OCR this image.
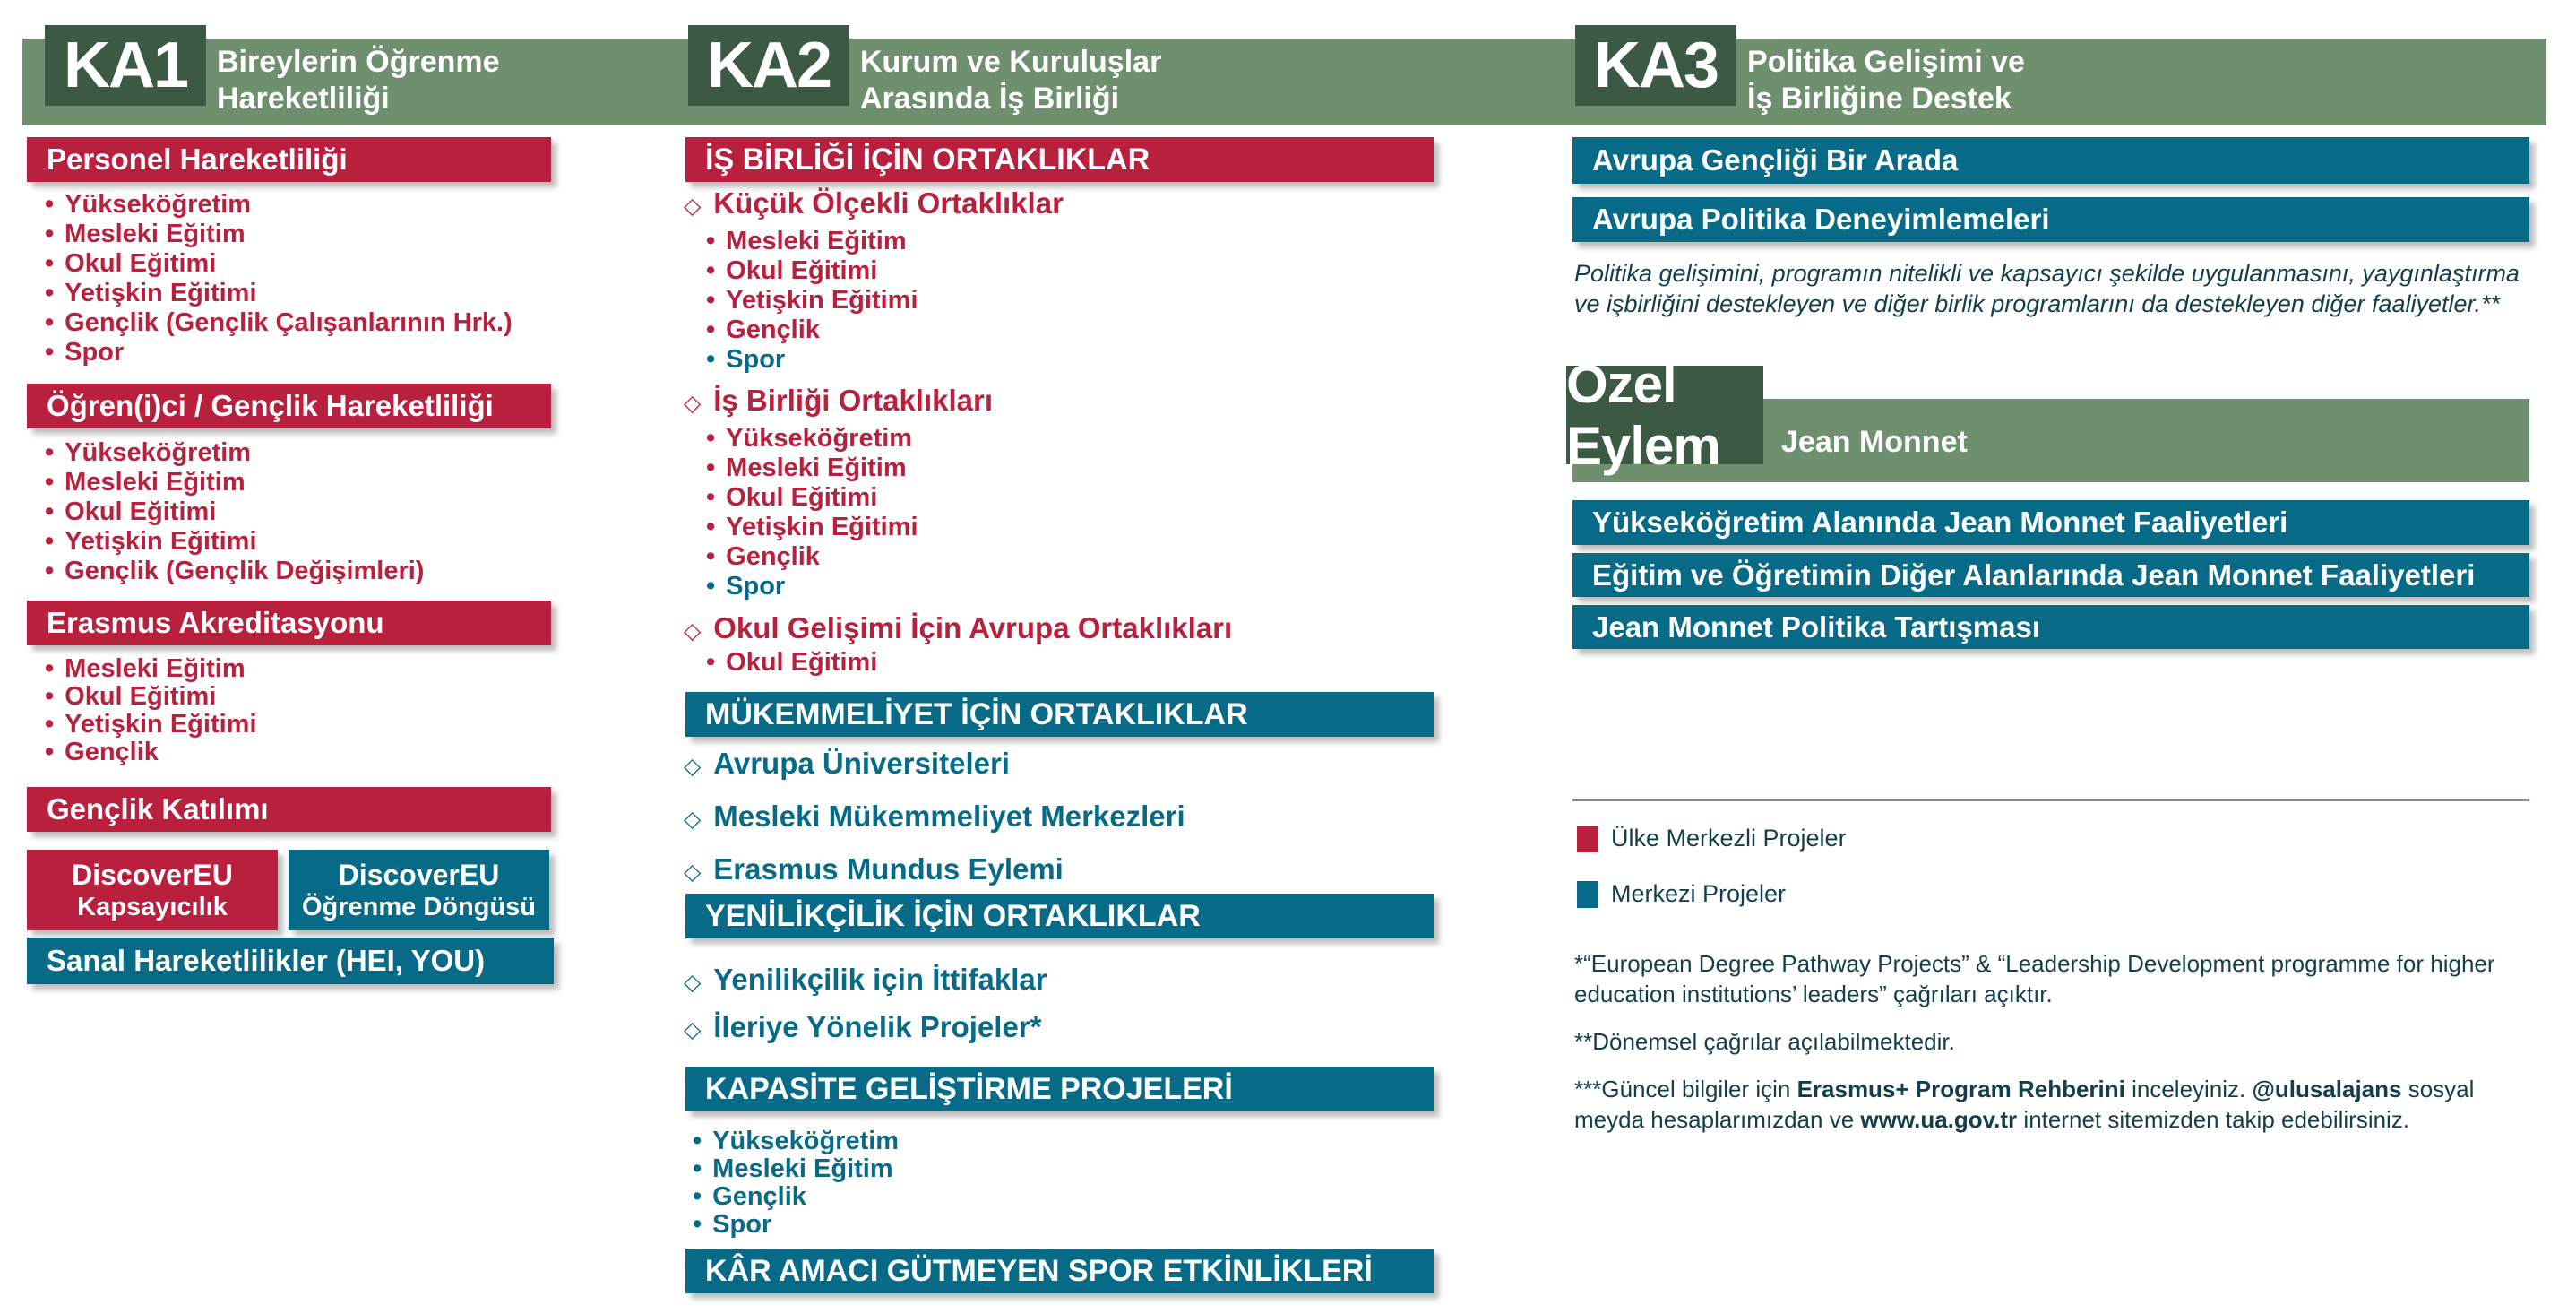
KA1 Bireylerin Öğrenme
Hareketliliği	KA2 Kurum ve Kuruluşlar
Arasında İş Birliği	KA3 Politika Gelişimi ve
İş Birliğine Destek
Personel Hareketliliği
• Yükseköğretim
• Mesleki Eğitim
• Okul Eğitimi
• Yetişkin Eğitimi
• Gençlik (Gençlik Çalışanlarının Hrk.)
• Spor
Öğren(i)ci / Gençlik Hareketliliği
• Yükseköğretim
• Mesleki Eğitim
• Okul Eğitimi
• Yetişkin Eğitimi
• Gençlik (Gençlik Değişimleri)
Erasmus Akreditasyonu
• Mesleki Eğitim
• Okul Eğitimi
• Yetişkin Eğitimi
• Gençlik
Gençlik Katılımı
DiscoverEU
Kapsayıcılık
DiscoverEU
Öğrenme Döngüsü
Sanal Hareketlilikler (HEI, YOU)
İŞ BİRLİĞİ İÇİN ORTAKLIKLAR
◇ Küçük Ölçekli Ortaklıklar
• Mesleki Eğitim
• Okul Eğitimi
• Yetişkin Eğitimi
• Gençlik
• Spor
◇ İş Birliği Ortaklıkları
• Yükseköğretim
• Mesleki Eğitim
• Okul Eğitimi
• Yetişkin Eğitimi
• Gençlik
• Spor
◇ Okul Gelişimi İçin Avrupa Ortaklıkları
• Okul Eğitimi
MÜKEMMELİYET İÇİN ORTAKLIKLAR
◇ Avrupa Üniversiteleri
◇ Mesleki Mükemmeliyet Merkezleri
◇ Erasmus Mundus Eylemi
YENİLİKÇİLİK İÇİN ORTAKLIKLAR
◇ Yenilikçilik için İttifaklar
◇ İleriye Yönelik Projeler*
KAPASİTE GELİŞTİRME PROJELERİ
• Yükseköğretim
• Mesleki Eğitim
• Gençlik
• Spor
KÂR AMACI GÜTMEYEN SPOR ETKİNLİKLERİ
Avrupa Gençliği Bir Arada
Avrupa Politika Deneyimlemeleri
Politika gelişimini, programın nitelikli ve kapsayıcı şekilde uygulanmasını, yaygınlaştırma ve işbirliğini destekleyen ve diğer birlik programlarını da destekleyen diğer faaliyetler.**
Özel Eylem	Jean Monnet
Yükseköğretim Alanında Jean Monnet Faaliyetleri
Eğitim ve Öğretimin Diğer Alanlarında Jean Monnet Faaliyetleri
Jean Monnet Politika Tartışması
Ülke Merkezli Projeler
Merkezi Projeler
*“European Degree Pathway Projects” & “Leadership Development programme for higher education institutions’ leaders” çağrıları açıktır.
**Dönemsel çağrılar açılabilmektedir.
***Güncel bilgiler için Erasmus+ Program Rehberini inceleyiniz. @ulusalajans sosyal meyda hesaplarımızdan ve www.ua.gov.tr internet sitemizden takip edebilirsiniz.
